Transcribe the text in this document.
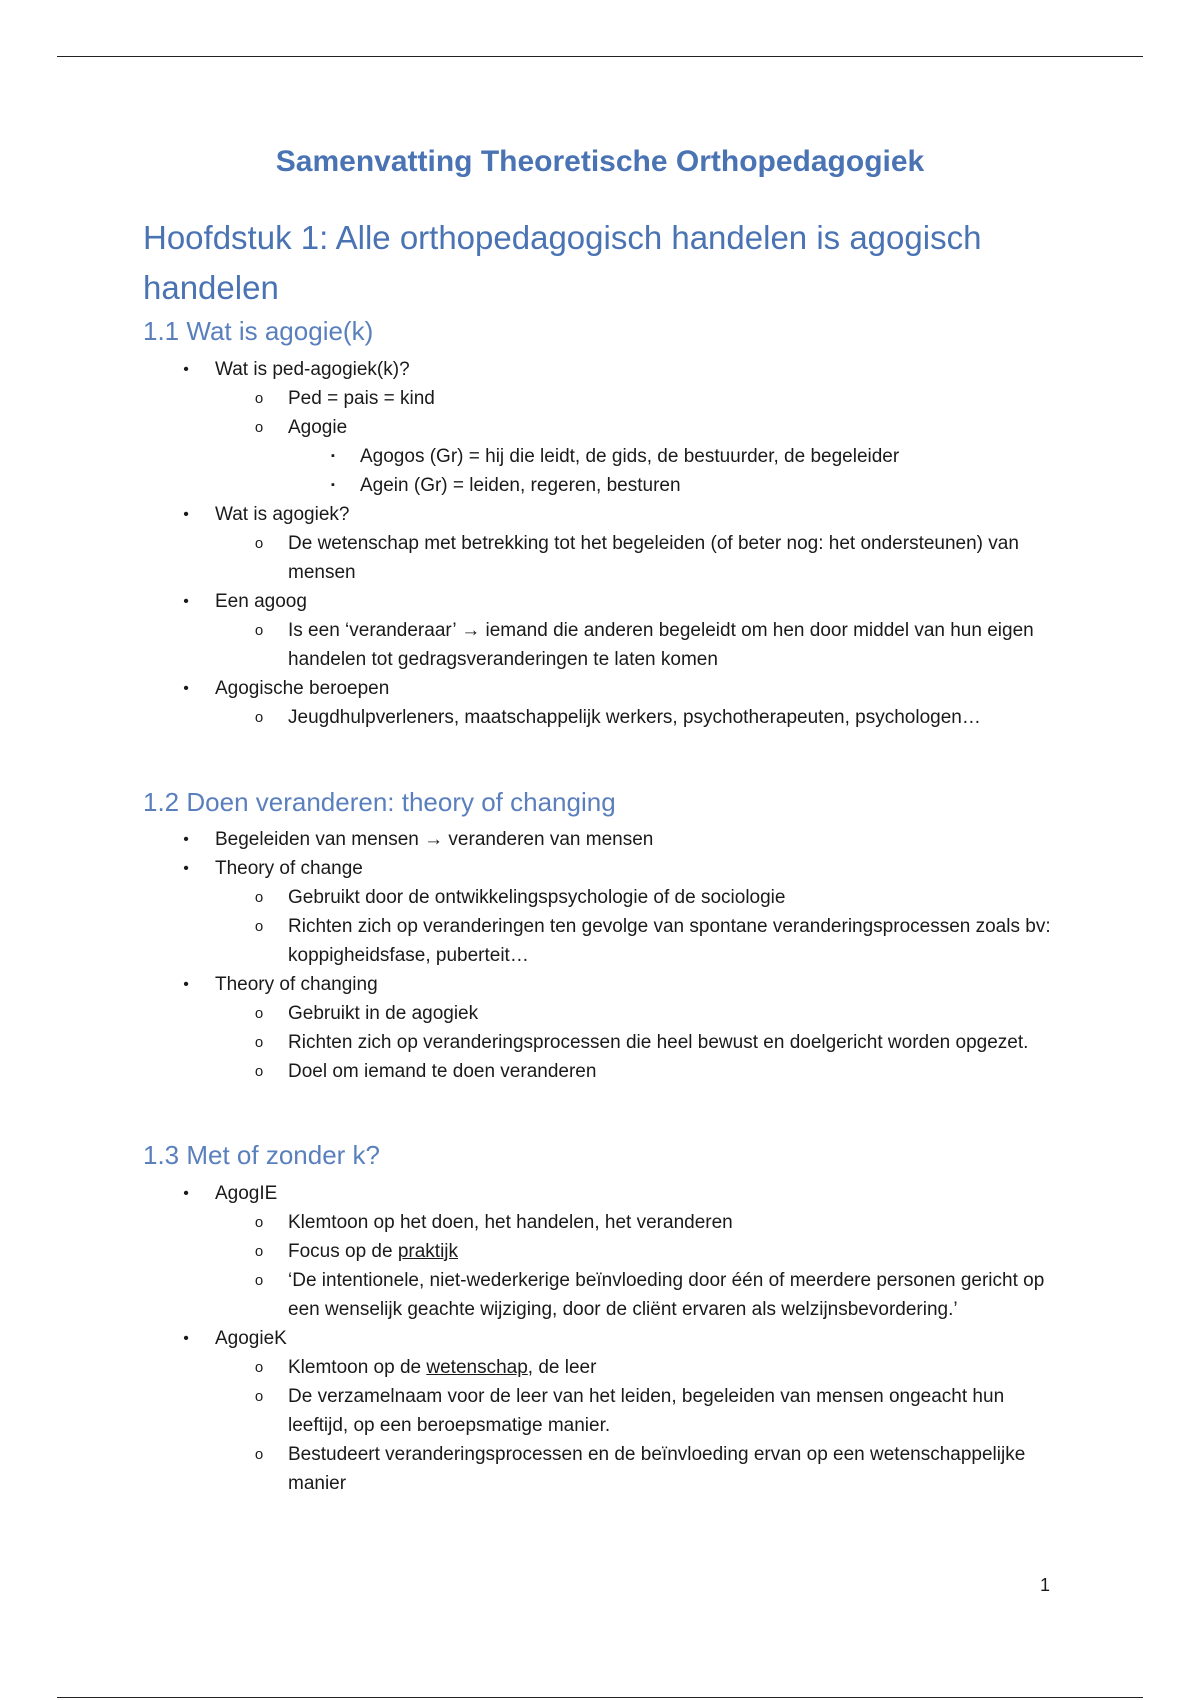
Samenvatting Theoretische Orthopedagogiek
Hoofdstuk 1: Alle orthopedagogisch handelen is agogisch handelen
1.1 Wat is agogie(k)
• Wat is ped-agogiek(k)?
o Ped = pais = kind
o Agogie
▪ Agogos (Gr) = hij die leidt, de gids, de bestuurder, de begeleider
▪ Agein (Gr) = leiden, regeren, besturen
• Wat is agogiek?
o De wetenschap met betrekking tot het begeleiden (of beter nog: het ondersteunen) van mensen
• Een agoog
o Is een ‘veranderaar’ → iemand die anderen begeleidt om hen door middel van hun eigen handelen tot gedragsveranderingen te laten komen
• Agogische beroepen
o Jeugdhulpverleners, maatschappelijk werkers, psychotherapeuten, psychologen…
1.2 Doen veranderen: theory of changing
• Begeleiden van mensen → veranderen van mensen
• Theory of change
o Gebruikt door de ontwikkelingspsychologie of de sociologie
o Richten zich op veranderingen ten gevolge van spontane veranderingsprocessen zoals bv: koppigheidsfase, puberteit…
• Theory of changing
o Gebruikt in de agogiek
o Richten zich op veranderingsprocessen die heel bewust en doelgericht worden opgezet.
o Doel om iemand te doen veranderen
1.3 Met of zonder k?
• AgogIE
o Klemtoon op het doen, het handelen, het veranderen
o Focus op de praktijk
o ‘De intentionele, niet-wederkerige beïnvloeding door één of meerdere personen gericht op een wenselijk geachte wijziging, door de cliënt ervaren als welzijnsbevordering.’
• AgogieK
o Klemtoon op de wetenschap, de leer
o De verzamelnaam voor de leer van het leiden, begeleiden van mensen ongeacht hun leeftijd, op een beroepsmatige manier.
o Bestudeert veranderingsprocessen en de beïnvloeding ervan op een wetenschappelijke manier
1
